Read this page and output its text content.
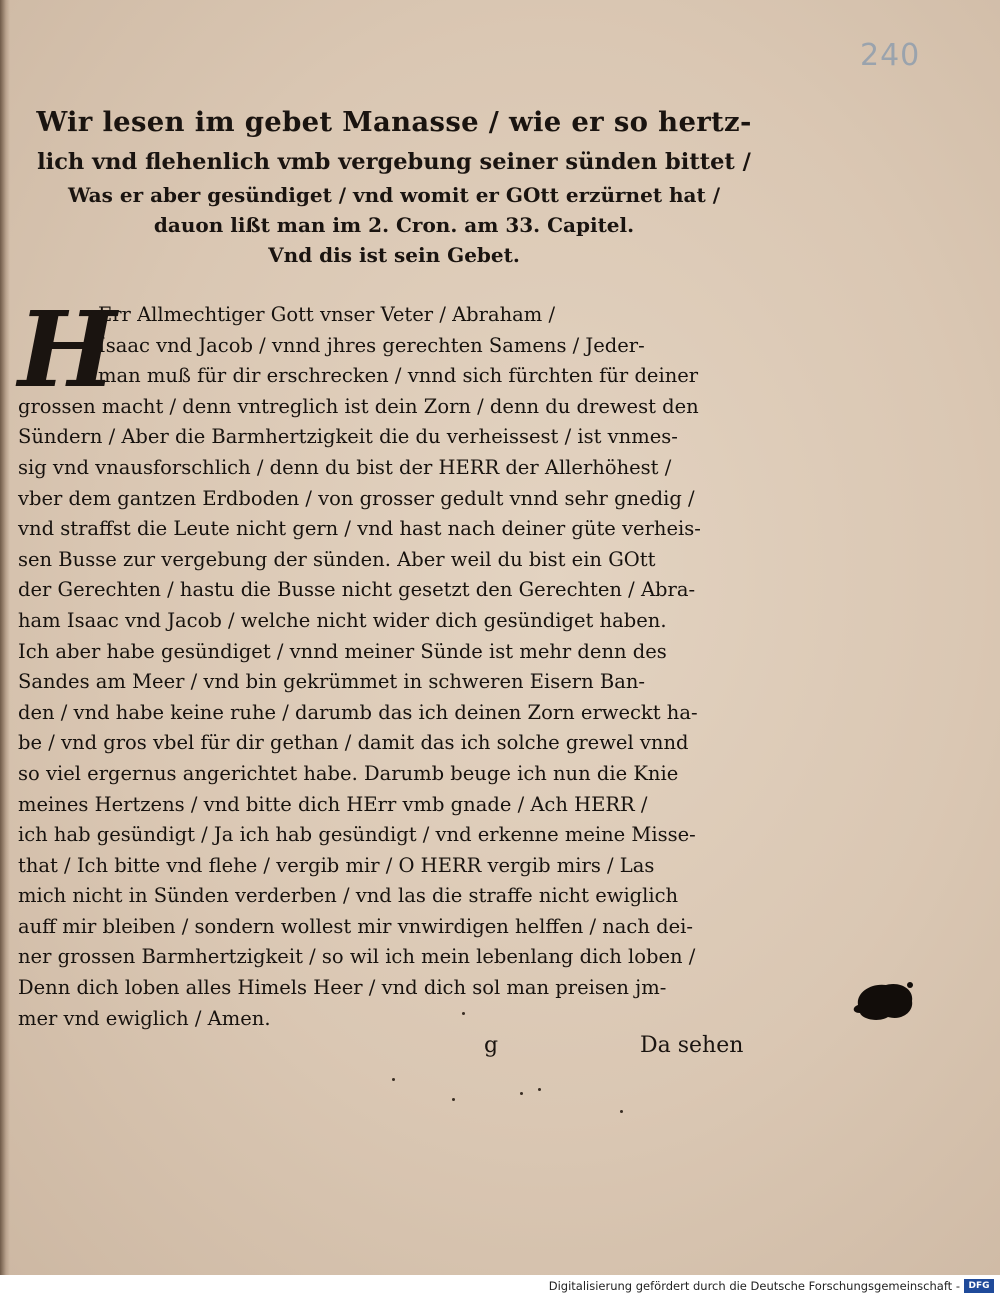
240
Wir lesen im gebet Manasse / wie er so hertz-
lich vnd flehenlich vmb vergebung seiner sünden bittet /
Was er aber gesündiget / vnd womit er GOtt erzürnet hat /
dauon lißt man im 2. Cron. am 33. Capitel.
Vnd dis ist sein Gebet.
H
Err Allmechtiger Gott vnser Veter / Abraham /
Isaac vnd Jacob / vnnd jhres gerechten Samens / Jeder-
man muß für dir erschrecken / vnnd sich fürchten für deiner
grossen macht / denn vntreglich ist dein Zorn / denn du drewest den
Sündern / Aber die Barmhertzigkeit die du verheissest / ist vnmes-
sig vnd vnausforschlich / denn du bist der HERR der Allerhöhest /
vber dem gantzen Erdboden / von grosser gedult vnnd sehr gnedig /
vnd straffst die Leute nicht gern / vnd hast nach deiner güte verheis-
sen Busse zur vergebung der sünden. Aber weil du bist ein GOtt
der Gerechten / hastu die Busse nicht gesetzt den Gerechten / Abra-
ham Isaac vnd Jacob / welche nicht wider dich gesündiget haben.
Ich aber habe gesündiget / vnnd meiner Sünde ist mehr denn des
Sandes am Meer / vnd bin gekrümmet in schweren Eisern Ban-
den / vnd habe keine ruhe / darumb das ich deinen Zorn erweckt ha-
be / vnd gros vbel für dir gethan / damit das ich solche grewel vnnd
so viel ergernus angerichtet habe. Darumb beuge ich nun die Knie
meines Hertzens / vnd bitte dich HErr vmb gnade / Ach HERR /
ich hab gesündigt / Ja ich hab gesündigt / vnd erkenne meine Misse-
that / Ich bitte vnd flehe / vergib mir / O HERR vergib mirs / Las
mich nicht in Sünden verderben / vnd las die straffe nicht ewiglich
auff mir bleiben / sondern wollest mir vnwirdigen helffen / nach dei-
ner grossen Barmhertzigkeit / so wil ich mein lebenlang dich loben /
Denn dich loben alles Himels Heer / vnd dich sol man preisen jm-
mer vnd ewiglich / Amen.
g	Da sehen
Digitalisierung gefördert durch die Deutsche Forschungsgemeinschaft - DFG
